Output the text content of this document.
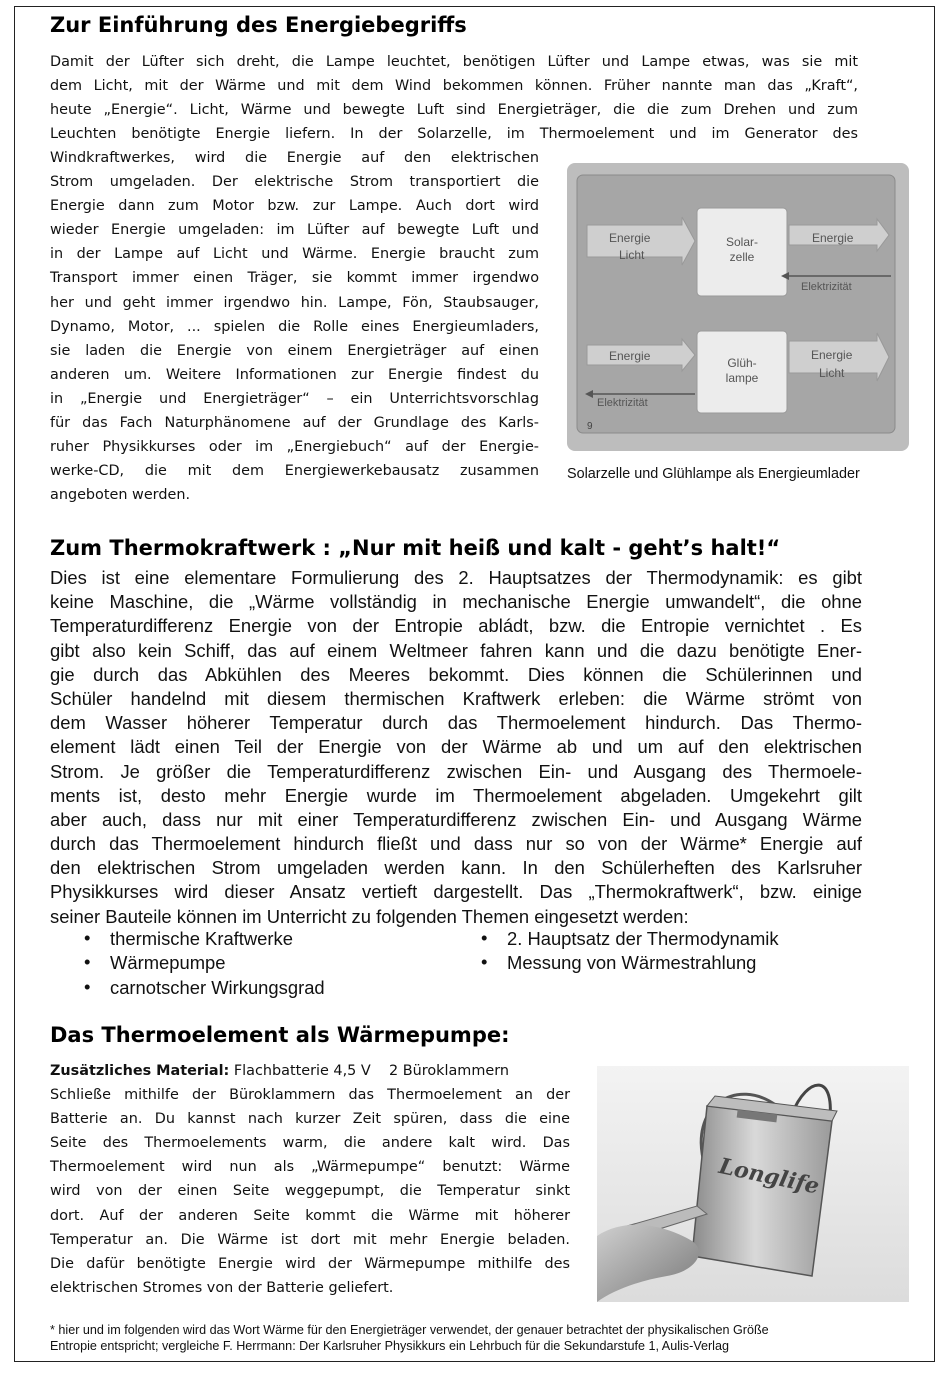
Zur Einführung des Energiebegriffs
Damit der Lüfter sich dreht, die Lampe leuchtet, benötigen Lüfter und Lampe etwas, was sie mit
dem Licht, mit der Wärme und mit dem Wind bekommen können. Früher nannte man das „Kraft“,
heute „Energie“. Licht, Wärme und bewegte Luft sind Energieträger, die die zum Drehen und zum
Leuchten benötigte Energie liefern. In der Solarzelle, im Thermoelement und im Generator des
Windkraftwerkes, wird die Energie auf den elektrischen
Strom umgeladen. Der elektrische Strom transportiert die
Energie dann zum Motor bzw. zur Lampe. Auch dort wird
wieder Energie umgeladen: im Lüfter auf bewegte Luft und
in der Lampe auf Licht und Wärme. Energie braucht zum
Transport immer einen Träger, sie kommt immer irgendwo
her und geht immer irgendwo hin. Lampe, Fön, Staubsauger,
Dynamo, Motor, ... spielen die Rolle eines Energieumladers,
sie laden die Energie von einem Energieträger auf einen
anderen um. Weitere Informationen zur Energie findest du
in „Energie und Energieträger“ – ein Unterrichtsvorschlag
für das Fach Naturphänomene auf der Grundlage des Karls-
ruher Physikkurses oder im „Energiebuch“ auf der Energie-
werke-CD, die mit dem Energiewerkebausatz zusammen
angeboten werden.
Solar-
zelle
Energie
Licht
Energie
Elektrizität
Glüh-
lampe
Energie
Elektrizität
Energie
Licht
9
Solarzelle und Glühlampe als Energieumlader
Zum Thermokraftwerk : „Nur mit heiß und kalt - geht’s halt!“
Dies ist eine elementare Formulierung des 2. Hauptsatzes der Thermodynamik: es gibt
keine Maschine, die „Wärme vollständig in mechanische Energie umwandelt“, die ohne
Temperaturdifferenz Energie von der Entropie abládt, bzw. die Entropie vernichtet . Es
gibt also kein Schiff, das auf einem Weltmeer fahren kann und die dazu benötigte Ener-
gie durch das Abkühlen des Meeres bekommt. Dies können die Schülerinnen und
Schüler handelnd mit diesem thermischen Kraftwerk erleben: die Wärme strömt von
dem Wasser höherer Temperatur durch das Thermoelement hindurch. Das Thermo-
element lädt einen Teil der Energie von der Wärme ab und um auf den elektrischen
Strom. Je größer die Temperaturdifferenz zwischen Ein- und Ausgang des Thermoele-
ments ist, desto mehr Energie wurde im Thermoelement abgeladen. Umgekehrt gilt
aber auch, dass nur mit einer Temperaturdifferenz zwischen Ein- und Ausgang Wärme
durch das Thermoelement hindurch fließt und dass nur so von der Wärme* Energie auf
den elektrischen Strom umgeladen werden kann. In den Schülerheften des Karlsruher
Physikkurses wird dieser Ansatz vertieft dargestellt. Das „Thermokraftwerk“, bzw. einige
seiner Bauteile können im Unterricht zu folgenden Themen eingesetzt werden:
• thermische Kraftwerke
• Wärmepumpe
• carnotscher Wirkungsgrad
• 2. Hauptsatz der Thermodynamik
• Messung von Wärmestrahlung
Das Thermoelement als Wärmepumpe:
Zusätzliches Material: Flachbatterie 4,5 V    2 Büroklammern
Schließe mithilfe der Büroklammern das Thermoelement an der
Batterie an. Du kannst nach kurzer Zeit spüren, dass die eine
Seite des Thermoelements warm, die andere kalt wird. Das
Thermoelement wird nun als „Wärmepumpe“ benutzt: Wärme
wird von der einen Seite weggepumpt, die Temperatur sinkt
dort. Auf der anderen Seite kommt die Wärme mit höherer
Temperatur an. Die Wärme ist dort mit mehr Energie beladen.
Die dafür benötigte Energie wird der Wärmepumpe mithilfe des
elektrischen Stromes von der Batterie geliefert.
Longlife
* hier und im folgenden wird das Wort Wärme für den Energieträger verwendet, der genauer betrachtet der physikalischen Größe
Entropie entspricht; vergleiche F. Herrmann: Der Karlsruher Physikkurs ein Lehrbuch für die Sekundarstufe 1, Aulis-Verlag
